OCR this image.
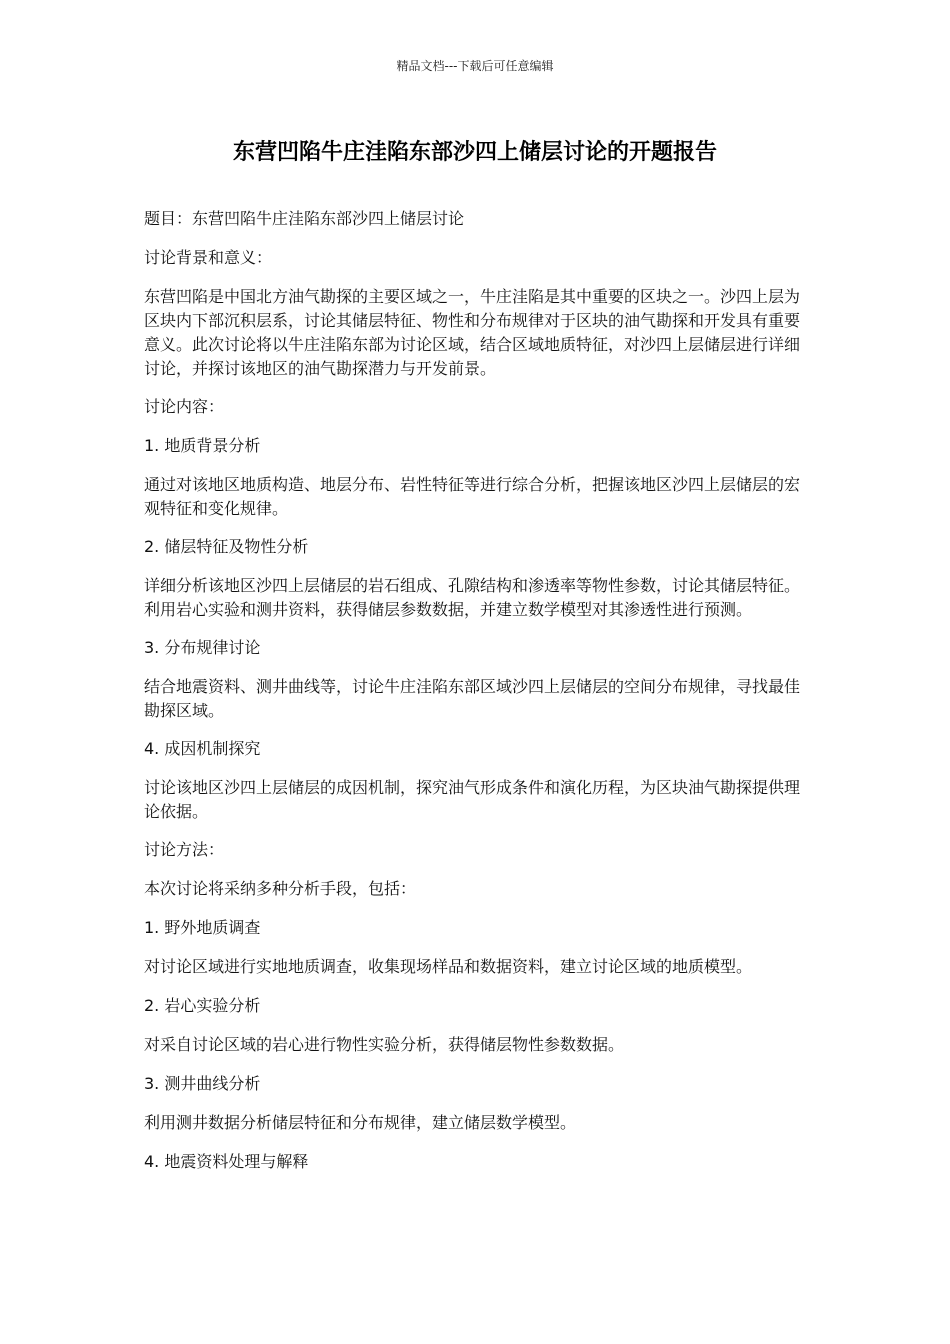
精品文档---下载后可任意编辑
东营凹陷牛庄洼陷东部沙四上储层讨论的开题报告

题目：东营凹陷牛庄洼陷东部沙四上储层讨论

讨论背景和意义：

东营凹陷是中国北方油气勘探的主要区域之一，牛庄洼陷是其中重要的区块之一。沙四上层为区块内下部沉积层系，讨论其储层特征、物性和分布规律对于区块的油气勘探和开发具有重要意义。此次讨论将以牛庄洼陷东部为讨论区域，结合区域地质特征，对沙四上层储层进行详细讨论，并探讨该地区的油气勘探潜力与开发前景。

讨论内容：

1. 地质背景分析

通过对该地区地质构造、地层分布、岩性特征等进行综合分析，把握该地区沙四上层储层的宏观特征和变化规律。

2. 储层特征及物性分析

详细分析该地区沙四上层储层的岩石组成、孔隙结构和渗透率等物性参数，讨论其储层特征。利用岩心实验和测井资料，获得储层参数数据，并建立数学模型对其渗透性进行预测。

3. 分布规律讨论

结合地震资料、测井曲线等，讨论牛庄洼陷东部区域沙四上层储层的空间分布规律，寻找最佳勘探区域。

4. 成因机制探究

讨论该地区沙四上层储层的成因机制，探究油气形成条件和演化历程，为区块油气勘探提供理论依据。

讨论方法：

本次讨论将采纳多种分析手段，包括：

1. 野外地质调查

对讨论区域进行实地地质调查，收集现场样品和数据资料，建立讨论区域的地质模型。

2. 岩心实验分析

对采自讨论区域的岩心进行物性实验分析，获得储层物性参数数据。

3. 测井曲线分析

利用测井数据分析储层特征和分布规律，建立储层数学模型。

4. 地震资料处理与解释
